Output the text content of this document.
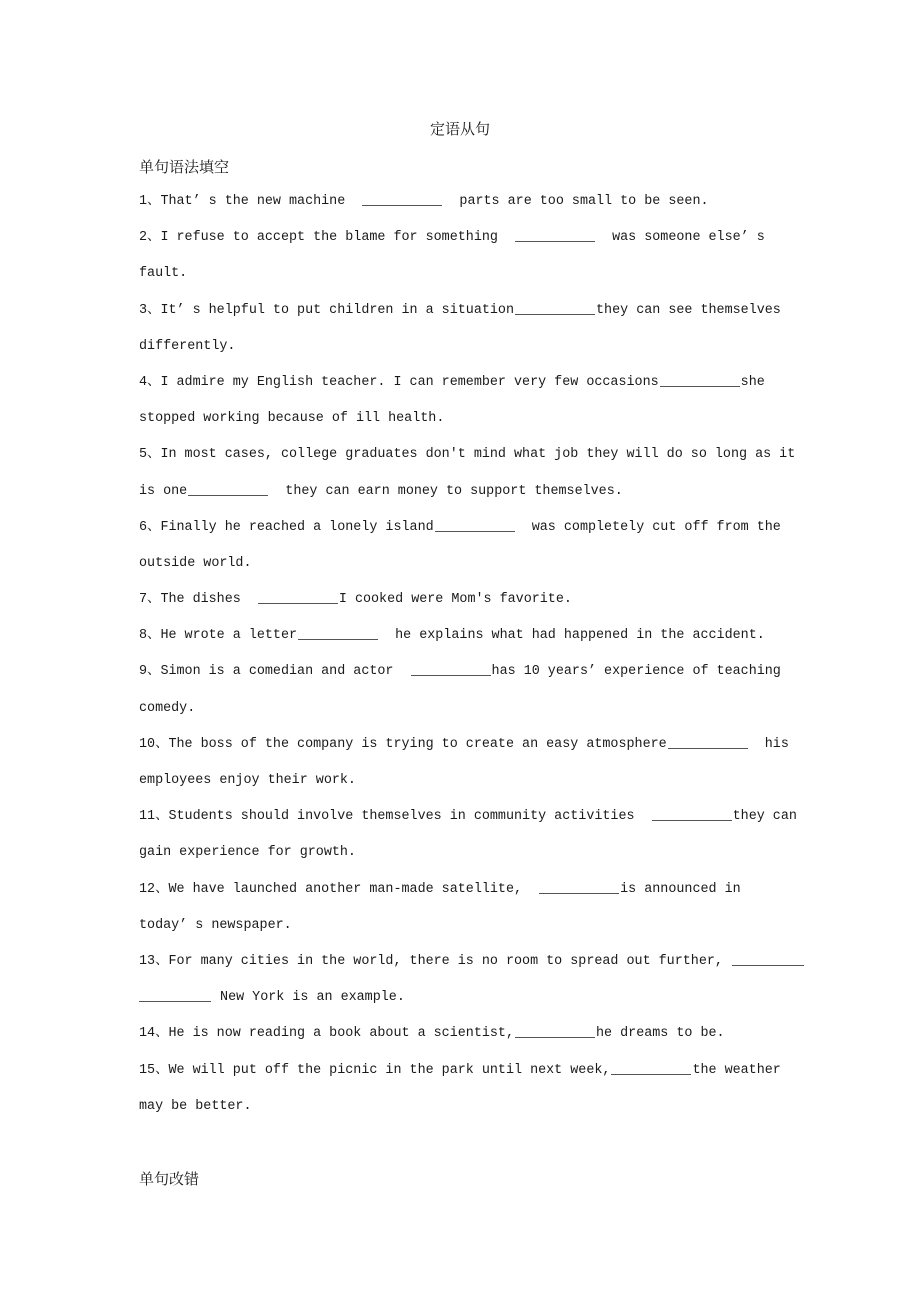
定语从句
单句语法填空
1、That’ s the new machine	parts are too small to be seen.
2、I refuse to accept the blame for something	was someone else’ s
fault.
3、It’ s helpful to put children in a situation	they can see themselves
differently.
4、I admire my English teacher. I can remember very few occasions	she
stopped working because of ill health.
5、In most cases, college graduates don't mind what job they will do so long as it
is one	they can earn money to support themselves.
6、Finally he reached a lonely island	was completely cut off from the
outside world.
7、The dishes	I cooked were Mom's favorite.
8、He wrote a letter	he explains what had happened in the accident.
9、Simon is a comedian and actor	has 10 years’ experience of teaching
comedy.
10、The boss of the company is trying to create an easy atmosphere	his
employees enjoy their work.
11、Students should involve themselves in community activities	they can
gain experience for growth.
12、We have launched another man-made satellite,	is announced in
today’ s newspaper.
13、For many cities in the world, there is no room to spread out further,
New York is an example.
14、He is now reading a book about a scientist,	he dreams to be.
15、We will put off the picnic in the park until next week,	the weather
may be better.
单句改错
